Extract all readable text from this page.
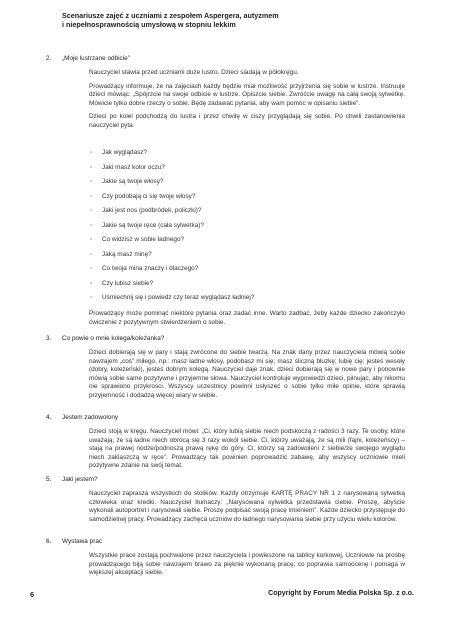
Scenariusze zajęć z uczniami z zespołem Aspergera, autyzmem
i niepełnosprawnością umysłową w stopniu lekkim
2. „Moje lustrzane odbicie”

Nauczyciel stawia przed uczniami duże lustro. Dzieci siadają w półokręgu.

Prowadzący informuje, że na zajęciach każdy będzie miał możliwość przyjrzenia się sobie w lustrze. Instruuje dzieci mówiąc: „Spójrzcie na swoje odbicie w lustrze. Opiszcie siebie. Zwróćcie uwagę na całą swoją sylwetkę. Mówicie tylko dobre rzeczy o sobie. Będę zadawać pytania, aby wam pomóc w opisaniu siebie”.

Dzieci po kolei podchodzą do lustra i przez chwilę w ciszy przyglądają się sobie. Po chwili zastanowienia nauczyciel pyta:

◦ Jak wyglądasz?
◦ Jaki masz kolor oczu?
◦ Jakie są twoje włosy?
◦ Czy podobają ci się twoje włosy?
◦ Jaki jest nos (podbródek, policzki)?
◦ Jakie są twoje ręce (cała sylwetka)?
◦ Co widzisz w sobie ładnego?
◦ Jaką masz minę?
◦ Co twoja mina znaczy i dlaczego?
◦ Czy lubisz siebie?
◦ Uśmiechnij się i powiedz czy teraz wyglądasz ładniej?

Prowadzący może pominąć niektóre pytania oraz zadać inne. Warto zadbać, żeby każde dziecko zakończyło ćwiczenie z pozytywnym stwierdzeniem o sobie.

3. Co powie o mnie kolega/koleżanka?

Dzieci dobierają się w pary i stają zwrócone do siebie twarzą. Na znak dany przez nauczyciela mówią sobie nawzajem „coś” miłego, np.: masz ładne włosy, podobasz mi się; masz śliczną bluzkę; lubię cię; jesteś wesoły (dobry, koleżeński), jesteś dobrym kolegą. Nauczyciel daje znak, dzieci dobierają się w nowe pary i ponownie mówią sobie same pozytywne i przyjemne słowa. Nauczyciel kontroluje wypowiedzi dzieci, pilnując, aby nikomu nie sprawiono przykrości. Wszyscy uczestnicy powinni usłyszeć o sobie tylko miłe opinie, które sprawią przyjemność i dodadzą więcej wiary w siebie.

4. Jestem zadowolony

Dzieci stoją w kręgu. Nauczyciel mówi: „Ci, który lubią siebie niech podskoczą z radości 3 razy. Te osoby, które uważają, że są ładne niech obrócą się 3 razy wokół siebie. Ci, którzy uważają, że są mili (fajni, koleżeńscy) – stają na prawej nodze/podnoszą prawą rękę do góry. Ci, którzy są zadowoleni z siebie/ze swojego wyglądu niech zaklaszczą w ręce”. Prowadzący tak powinien poprowadzić zabawę, aby wszyscy uczniowie mieli pozytywne zdanie na swój temat.

5. Jaki jestem?

Nauczyciel zaprasza wszystkich do stolików. Każdy otrzymuje KARTĘ PRACY NR 1 z narysowaną sylwetką człowieka oraz kredki. Nauczyciel tłumaczy: „Narysowana sylwetka przedstawia ciebie. Proszę, abyście wykonali autoportret i narysowali siebie. Proszę podpisać swoją pracę imieniem”. Każde dziecko przystępuje do samodzielnej pracy. Prowadzący zachęca uczniów do ładnego narysowania siebie przy użyciu wielu kolorów.

6. Wystawa prac

Wszystkie prace zostają pochwalone przez nauczyciela i powieszone na tablicy korkowej. Uczniowie na prośbę prowadzącego biją sobie nawzajem brawo za pięknie wykonaną pracę, co poprawia samoocenę i pomaga w większej akceptacji siebie.

6	Copyright by Forum Media Polska Sp. z o.o.
